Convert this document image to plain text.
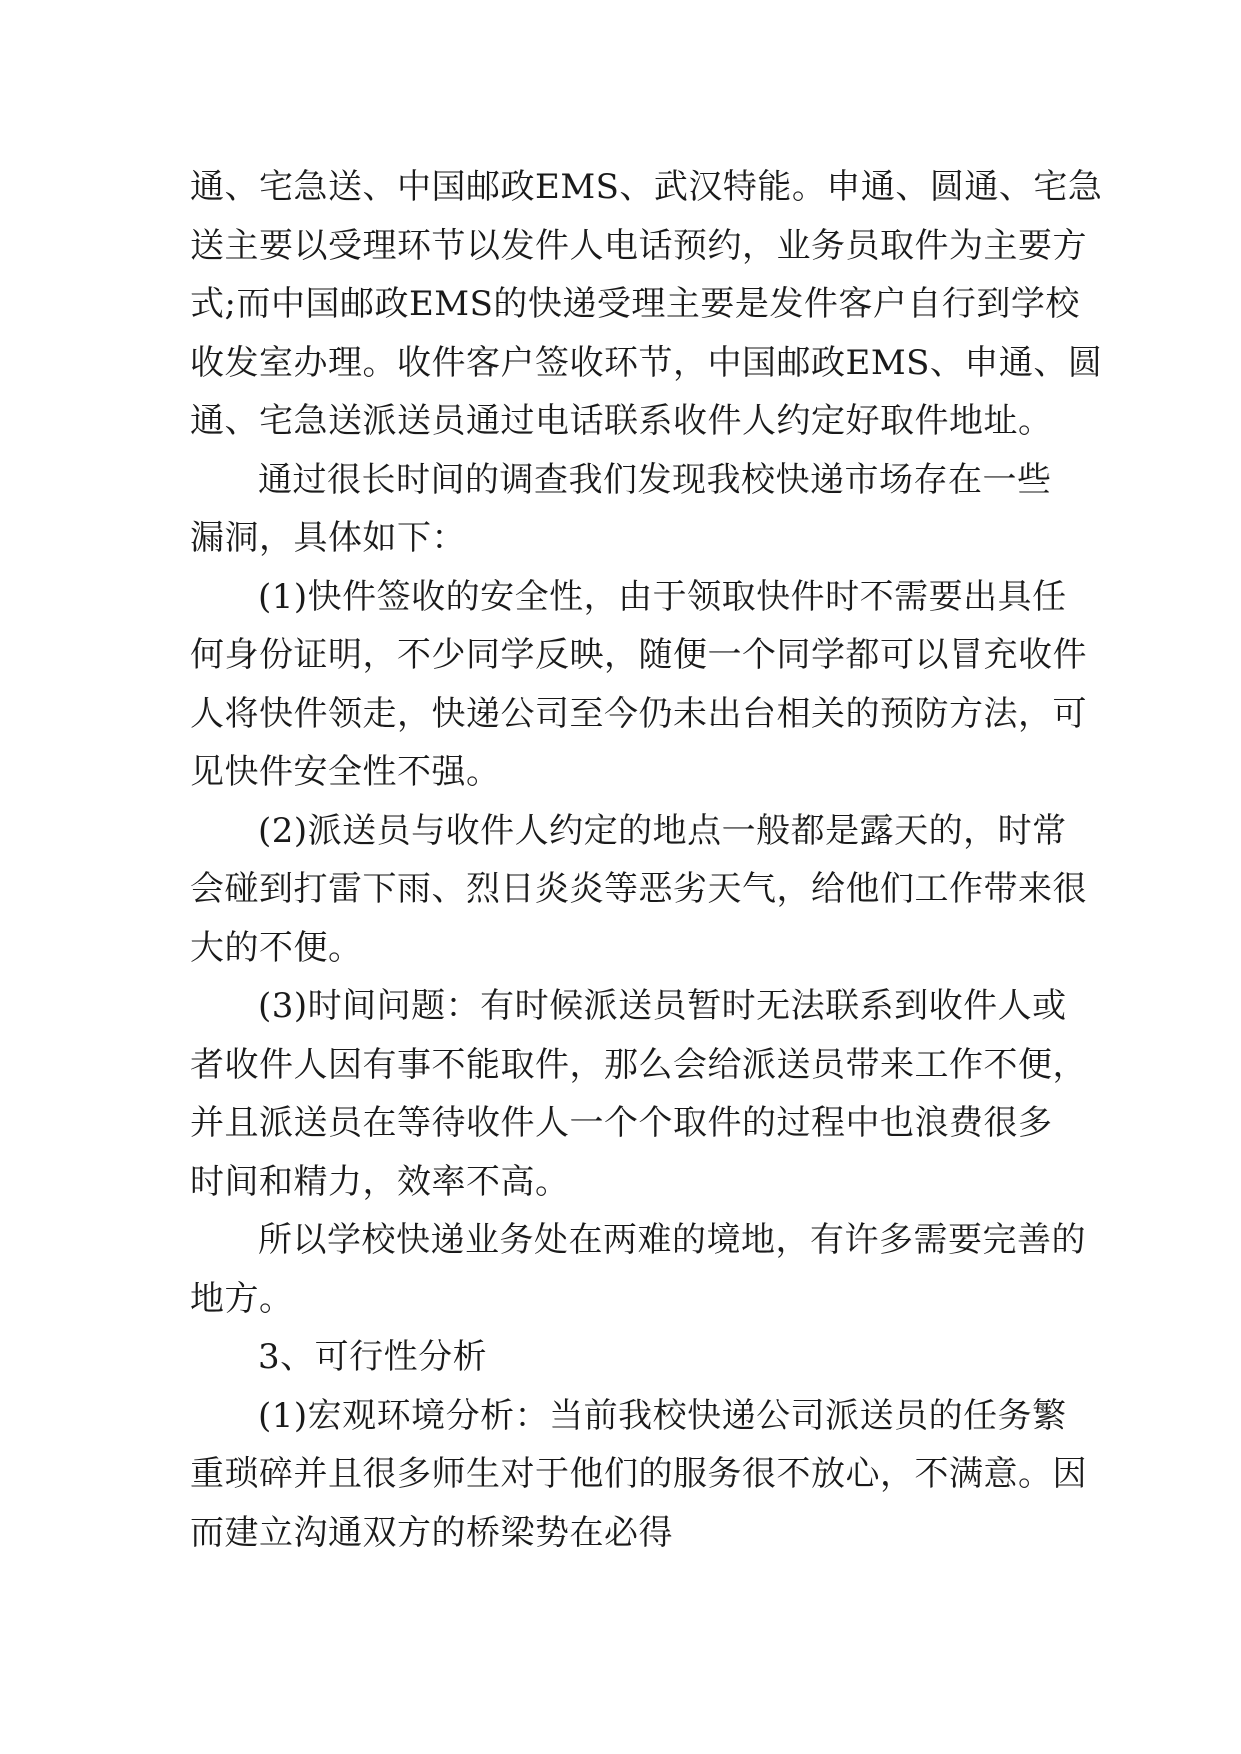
通、宅急送、中国邮政EMS、武汉特能。申通、圆通、宅急
送主要以受理环节以发件人电话预约，业务员取件为主要方
式;而中国邮政EMS的快递受理主要是发件客户自行到学校
收发室办理。收件客户签收环节，中国邮政EMS、申通、圆
通、宅急送派送员通过电话联系收件人约定好取件地址。
通过很长时间的调查我们发现我校快递市场存在一些
漏洞，具体如下：
(1)快件签收的安全性，由于领取快件时不需要出具任
何身份证明，不少同学反映，随便一个同学都可以冒充收件
人将快件领走，快递公司至今仍未出台相关的预防方法，可
见快件安全性不强。
(2)派送员与收件人约定的地点一般都是露天的，时常
会碰到打雷下雨、烈日炎炎等恶劣天气，给他们工作带来很
大的不便。
(3)时间问题：有时候派送员暂时无法联系到收件人或
者收件人因有事不能取件，那么会给派送员带来工作不便，
并且派送员在等待收件人一个个取件的过程中也浪费很多
时间和精力，效率不高。
所以学校快递业务处在两难的境地，有许多需要完善的
地方。
3、可行性分析
(1)宏观环境分析：当前我校快递公司派送员的任务繁
重琐碎并且很多师生对于他们的服务很不放心，不满意。因
而建立沟通双方的桥梁势在必得
